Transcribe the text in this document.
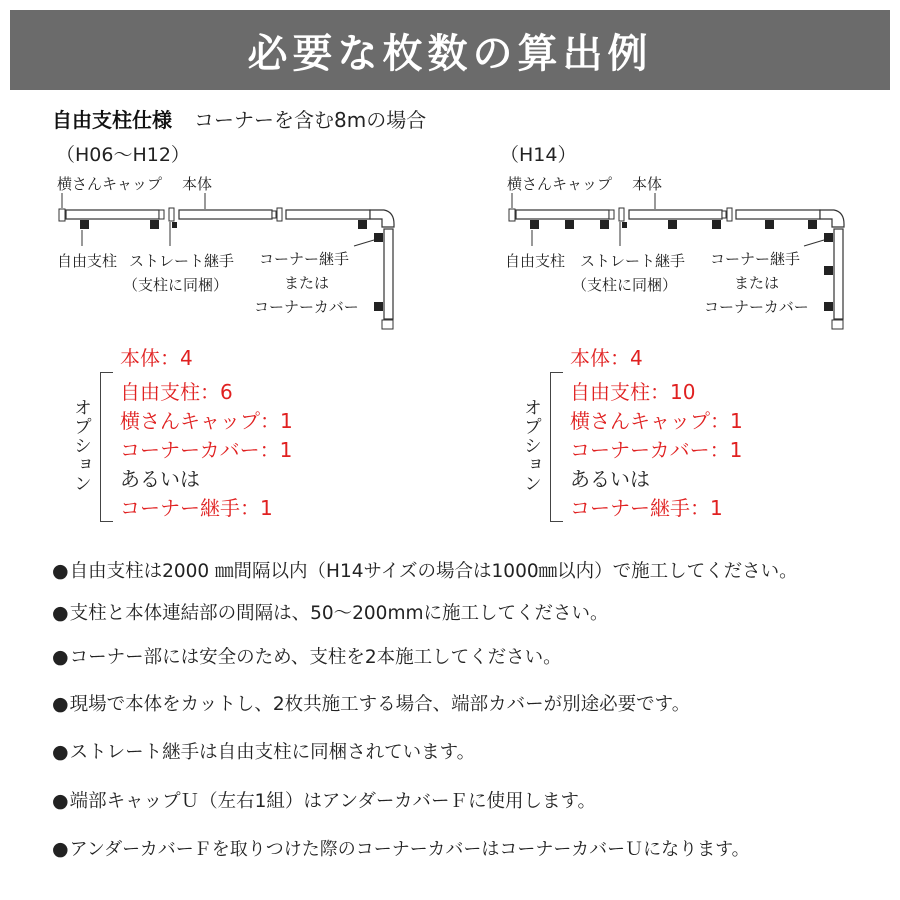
必要な枚数の算出例
自由支柱仕様 コーナーを含む8mの場合
（H06〜H12）	（H14）
横さんキャップ 本体
自由支柱 ストレート継手
（支柱に同梱）
コーナー継手
または
コーナーカバー
横さんキャップ 本体
自由支柱 ストレート継手
（支柱に同梱）
コーナー継手
または
コーナーカバー
本体：4
オプション
自由支柱：6
横さんキャップ：1
コーナーカバー：1
あるいは
コーナー継手：1
本体：4
オプション
自由支柱：10
横さんキャップ：1
コーナーカバー：1
あるいは
コーナー継手：1
●自由支柱は2000 ㎜間隔以内（H14サイズの場合は1000㎜以内）で施工してください。
●支柱と本体連結部の間隔は、50〜200mmに施工してください。
●コーナー部には安全のため、支柱を2本施工してください。
●現場で本体をカットし、2枚共施工する場合、端部カバーが別途必要です。
●ストレート継手は自由支柱に同梱されています。
●端部キャップＵ（左右1組）はアンダーカバーＦに使用します。
●アンダーカバーＦを取りつけた際のコーナーカバーはコーナーカバーＵになります。
